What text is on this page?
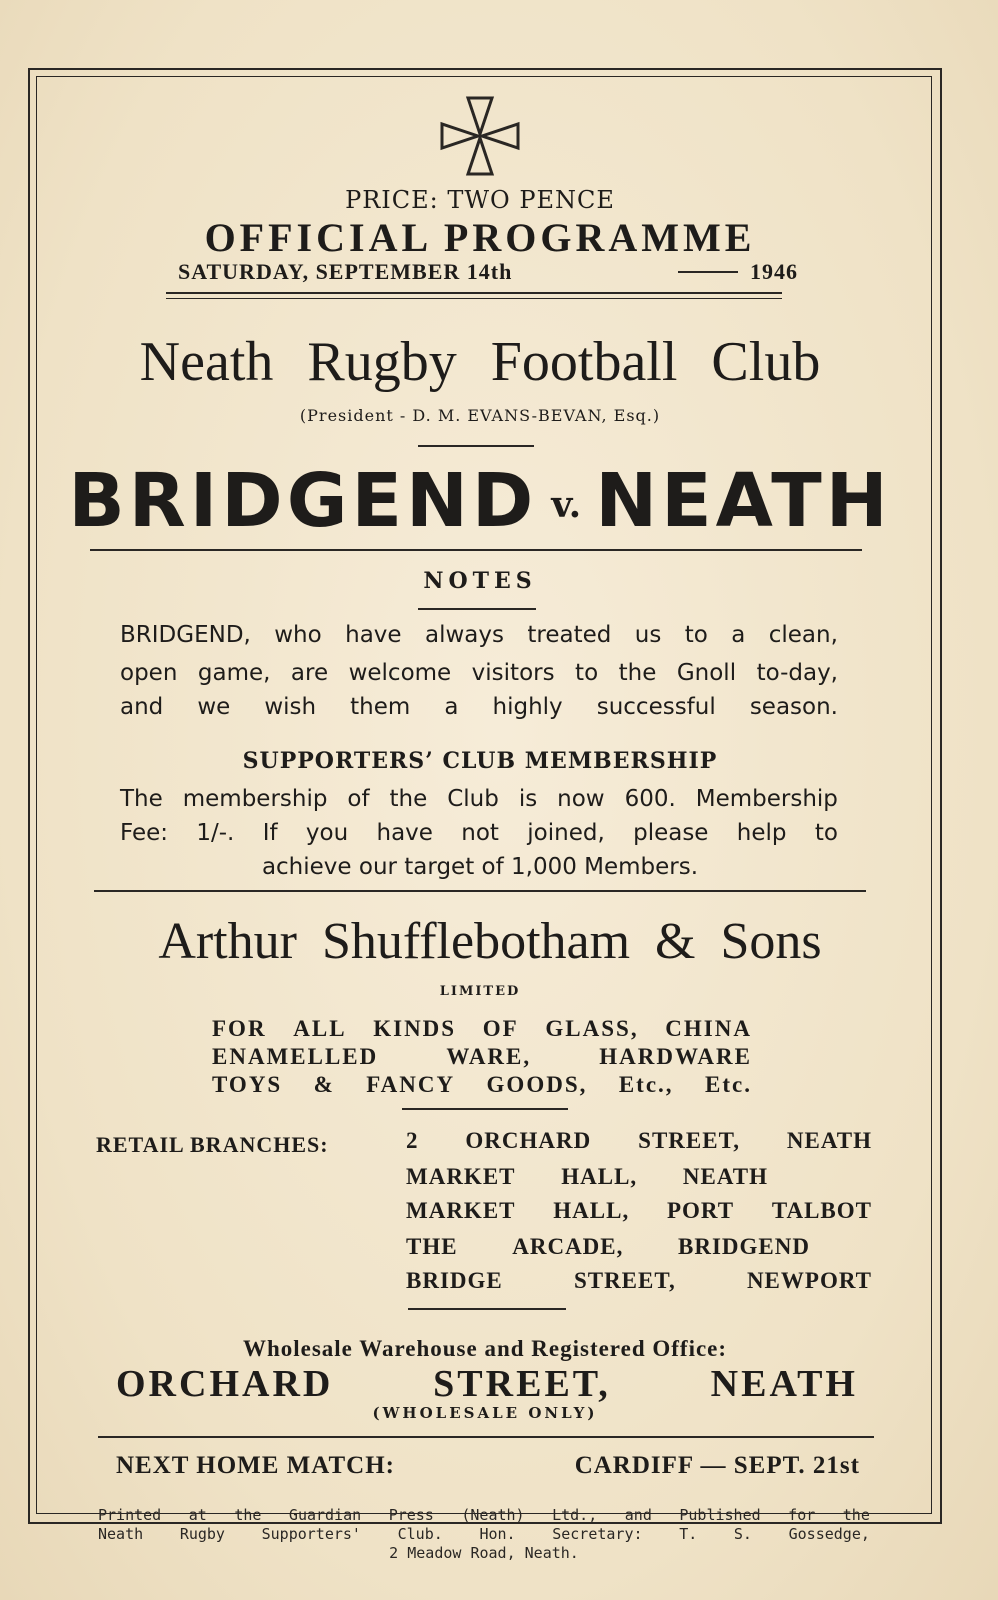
PRICE: TWO PENCE
OFFICIAL PROGRAMME
SATURDAY, SEPTEMBER 14th	1946
Neath Rugby Football Club
(President - D. M. EVANS-BEVAN, Esq.)
BRIDGEND v. NEATH
NOTES
BRIDGEND, who have always treated us to a clean,
open game, are welcome visitors to the Gnoll to-day,
and we wish them a highly successful season.
SUPPORTERS’ CLUB MEMBERSHIP
The membership of the Club is now 600. Membership
Fee: 1/-. If you have not joined, please help to
achieve our target of 1,000 Members.
Arthur Shufflebotham & Sons
LIMITED
FOR ALL KINDS OF GLASS, CHINA
ENAMELLED	WARE,	HARDWARE
TOYS & FANCY GOODS, Etc., Etc.
RETAIL BRANCHES:	2 ORCHARD STREET, NEATH
MARKET HALL, NEATH
MARKET HALL, PORT TALBOT
THE ARCADE, BRIDGEND
BRIDGE	STREET,	NEWPORT
Wholesale Warehouse and Registered Office:
ORCHARD	STREET,	NEATH
(WHOLESALE ONLY)
NEXT HOME MATCH:	CARDIFF — SEPT. 21st
Printed at the Guardian Press (Neath) Ltd., and Published for the
Neath Rugby Supporters' Club. Hon. Secretary: T. S. Gossedge,
2 Meadow Road, Neath.
